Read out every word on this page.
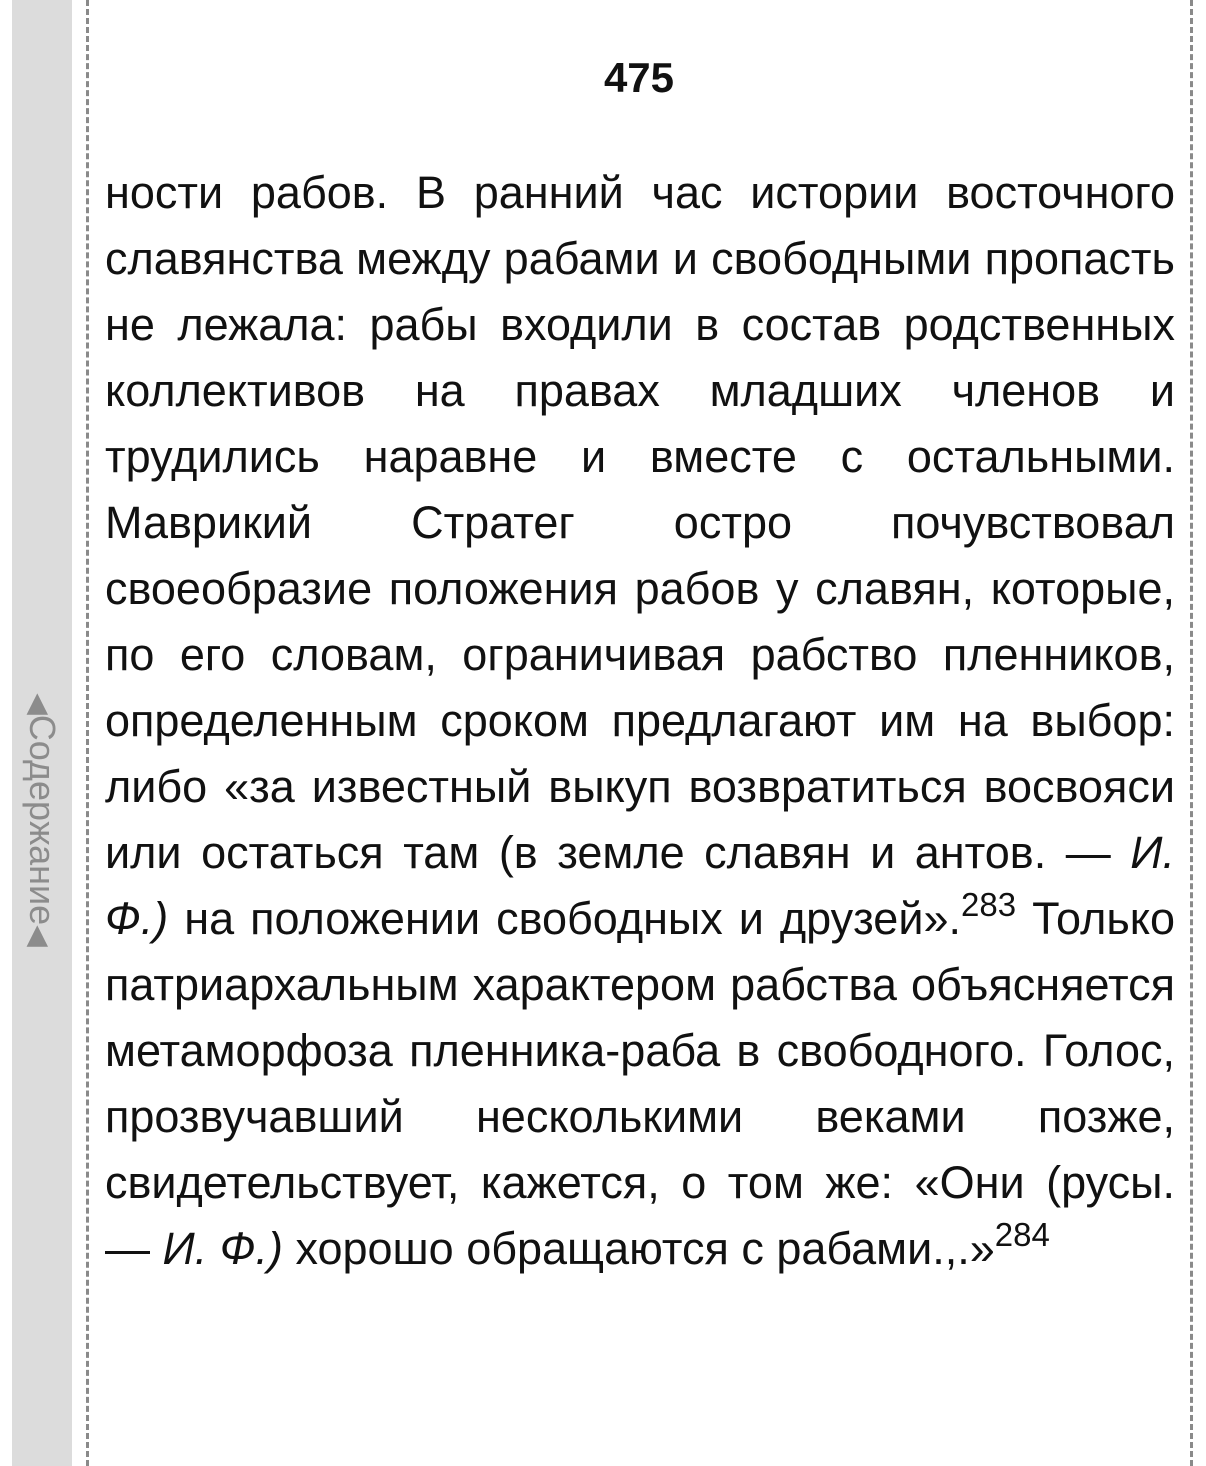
◀Содержание◀
475
ности рабов. В ранний час истории восточного славянства между рабами и свободными пропасть не лежала: рабы входили в состав родственных коллективов на правах младших членов и трудились наравне и вместе с остальными. Маврикий Стратег остро почувствовал своеобразие положения рабов у славян, которые, по его словам, ограничивая рабство пленников, определенным сроком предлагают им на выбор: либо «за известный выкуп возвратиться восвояси или остаться там (в земле славян и антов. — И. Ф.) на положении свободных и друзей».$^{283}$ Только патриархальным характером рабства объясняется метаморфоза пленника-раба в свободного. Голос, прозвучавший несколькими веками позже, свидетельствует, кажется, о том же: «Они (русы. — И. Ф.) хорошо обращаются с рабами.,.»$^{284}$
